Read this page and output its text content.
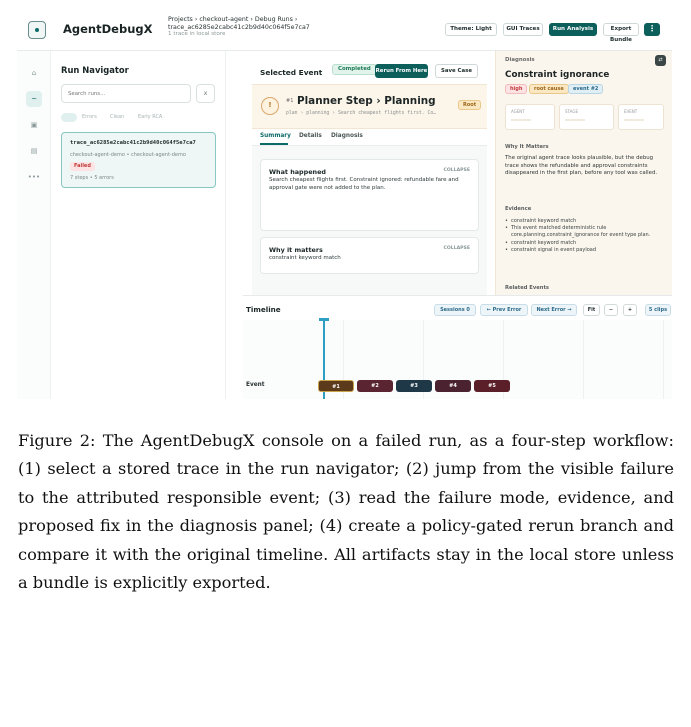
AgentDebugX
Projects › checkout-agent › Debug Runs ›
trace_ac6285e2cabc41c2b9d40c064f5e7ca7
1 trace in local store
Theme: Light	GUI Traces	Run Analysis	Export Bundle
⋮
⌂
~
▣
▤
•••
Run Navigator
Search runs...
x
Errors	Clean	Early RCA
trace_ac6285e2cabc41c2b9d40c064f5e7ca7
checkout-agent-demo • checkout-agent-demo
Failed
7 steps • 5 errors
Selected Event	Completed Rerun From Here	Save Case
!	#1 Planner Step › Planning
plan › planning › Search cheapest flights first. Co…
Root
Summary Details Diagnosis
What happened	COLLAPSE
Search cheapest flights first. Constraint ignored: refundable fare and approval gate were not added to the plan.
Why it matters	COLLAPSE
constraint keyword match
Diagnosis	⇄
Constraint ignorance
high	root cause	event #2
AGENT	STAGE	EVENT
Why It Matters
The original agent trace looks plausible, but the debug trace shows the refundable and approval constraints disappeared in the first plan, before any tool was called.
Evidence
• constraint keyword match
• This event matched deterministic rule core.planning.constraint_ignorance for event type plan.
• constraint keyword match
• constraint signal in event payload
Related Events
Timeline	Sessions 0	← Prev Error	Next Error →	Fit	−	+	5 clips
Event	#1	#2	#3	#4	#5
Figure 2: The AgentDebugX console on a failed run, as a four-step workflow: (1) select a stored trace in the run navigator; (2) jump from the visible failure to the attributed responsible event; (3) read the failure mode, evidence, and proposed fix in the diagnosis panel; (4) create a policy-gated rerun branch and compare it with the original timeline. All artifacts stay in the local store unless a bundle is explicitly exported.
